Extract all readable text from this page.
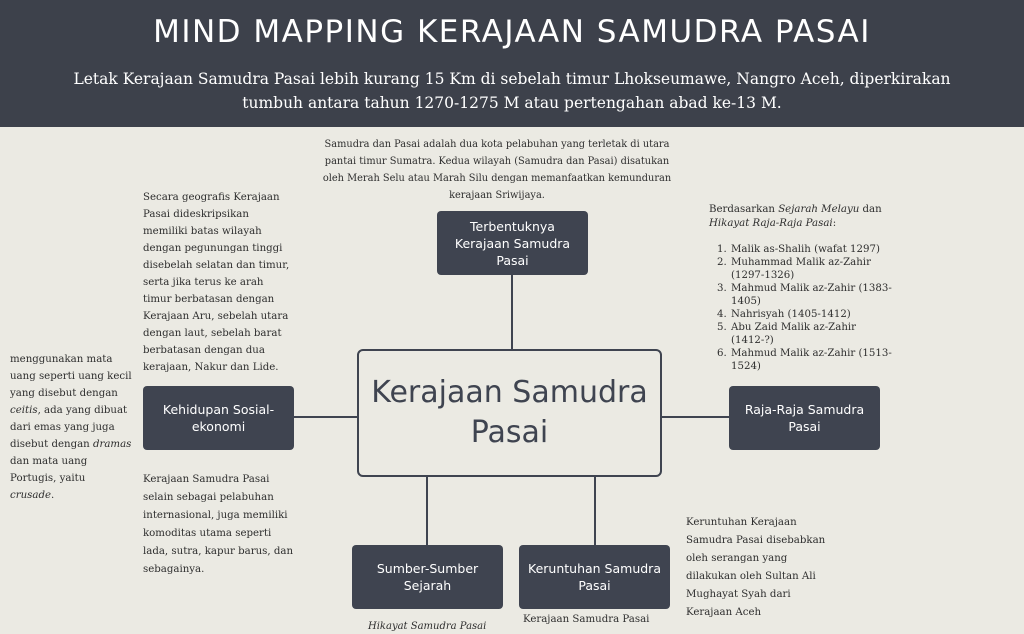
MIND MAPPING KERAJAAN SAMUDRA PASAI
Letak Kerajaan Samudra Pasai lebih kurang 15 Km di sebelah timur Lhokseumawe, Nangro Aceh, diperkirakan tumbuh antara tahun 1270-1275 M atau pertengahan abad ke-13 M.
Kerajaan Samudra Pasai
Terbentuknya Kerajaan Samudra Pasai
Kehidupan Sosial-ekonomi
Raja-Raja Samudra Pasai
Sumber-Sumber Sejarah
Keruntuhan Samudra Pasai
Samudra dan Pasai adalah dua kota pelabuhan yang terletak di utara pantai timur Sumatra. Kedua wilayah (Samudra dan Pasai) disatukan oleh Merah Selu atau Marah Silu dengan memanfaatkan kemunduran kerajaan Sriwijaya.
Secara geografis Kerajaan Pasai dideskripsikan memiliki batas wilayah dengan pegunungan tinggi disebelah selatan dan timur, serta jika terus ke arah timur berbatasan dengan Kerajaan Aru, sebelah utara dengan laut, sebelah barat berbatasan dengan dua kerajaan, Nakur dan Lide.
menggunakan mata uang seperti uang kecil yang disebut dengan ceitis, ada yang dibuat dari emas yang juga disebut dengan dramas dan mata uang Portugis, yaitu crusade.
Kerajaan Samudra Pasai selain sebagai pelabuhan internasional, juga memiliki komoditas utama seperti lada, sutra, kapur barus, dan sebagainya.
Berdasarkan Sejarah Melayu dan Hikayat Raja-Raja Pasai:
1. Malik as-Shalih (wafat 1297)
2. Muhammad Malik az-Zahir (1297-1326)
3. Mahmud Malik az-Zahir (1383-1405)
4. Nahrisyah (1405-1412)
5. Abu Zaid Malik az-Zahir (1412-?)
6. Mahmud Malik az-Zahir (1513-1524)
Keruntuhan Kerajaan Samudra Pasai disebabkan oleh serangan yang dilakukan oleh Sultan Ali Mughayat Syah dari Kerajaan Aceh
Hikayat Samudra Pasai
Kerajaan Samudra Pasai
